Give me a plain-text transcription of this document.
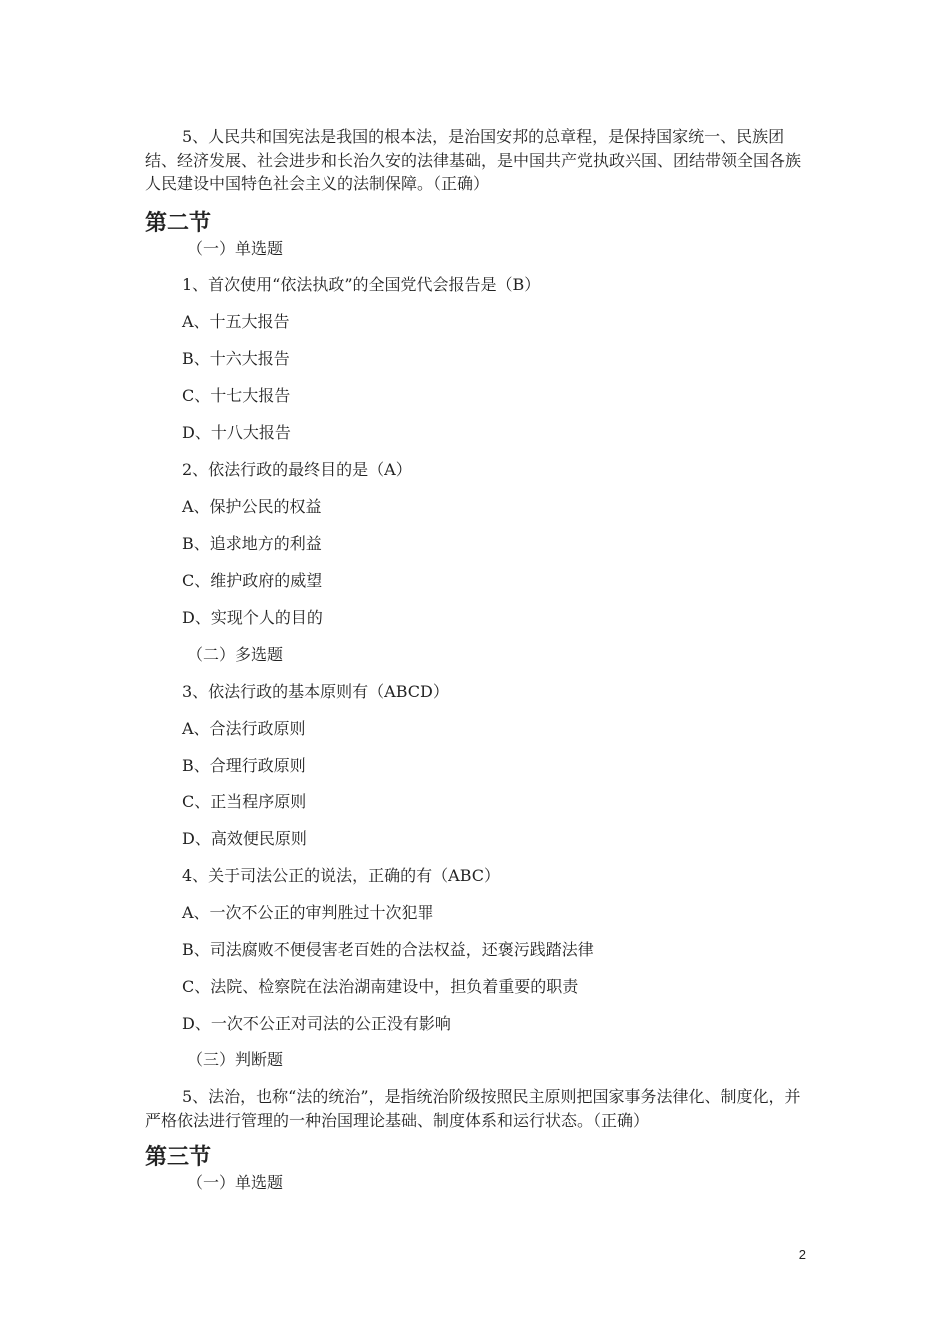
5、人民共和国宪法是我国的根本法，是治国安邦的总章程，是保持国家统一、民族团结、经济发展、社会进步和长治久安的法律基础，是中国共产党执政兴国、团结带领全国各族人民建设中国特色社会主义的法制保障。（正确）

第二节

（一）单选题

1、首次使用“依法执政”的全国党代会报告是（B）

A、十五大报告

B、十六大报告

C、十七大报告

D、十八大报告

2、依法行政的最终目的是（A）

A、保护公民的权益

B、追求地方的利益

C、维护政府的威望

D、实现个人的目的

（二）多选题

3、依法行政的基本原则有（ABCD）

A、合法行政原则

B、合理行政原则

C、正当程序原则

D、高效便民原则

4、关于司法公正的说法，正确的有（ABC）

A、一次不公正的审判胜过十次犯罪

B、司法腐败不便侵害老百姓的合法权益，还褒污践踏法律

C、法院、检察院在法治湖南建设中，担负着重要的职责

D、一次不公正对司法的公正没有影响

（三）判断题

5、法治，也称“法的统治”，是指统治阶级按照民主原则把国家事务法律化、制度化，并严格依法进行管理的一种治国理论基础、制度体系和运行状态。（正确）

第三节

（一）单选题

2
